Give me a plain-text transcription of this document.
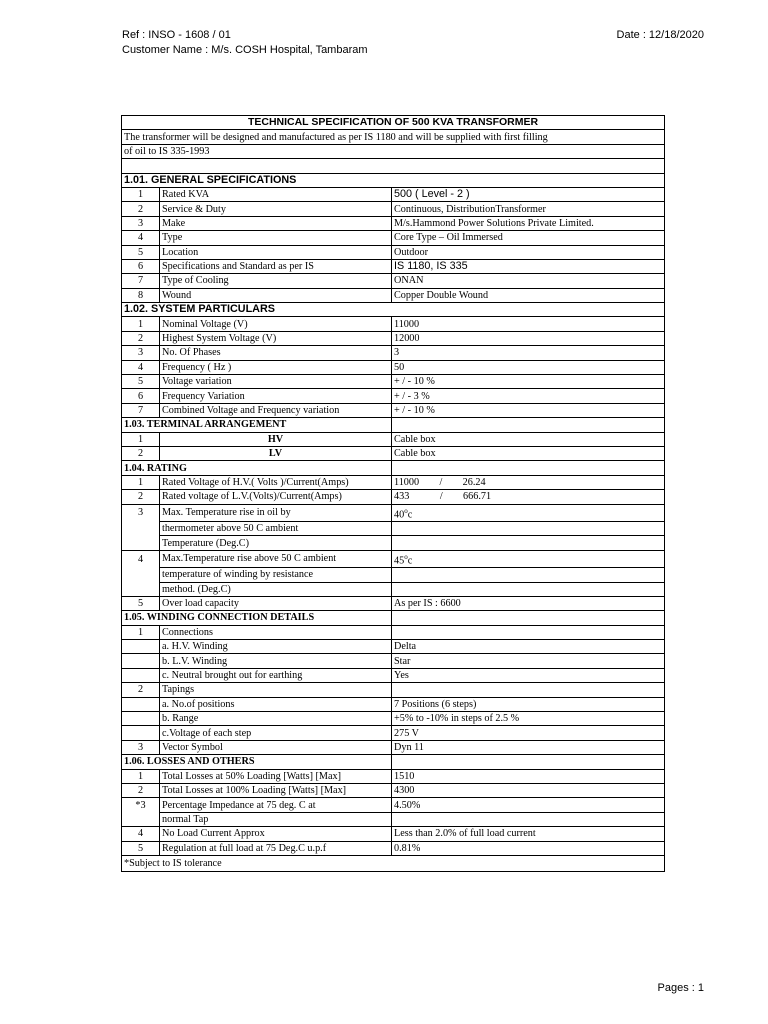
Ref : INSO - 1608 / 01
Customer Name : M/s. COSH Hospital, Tambaram
Date : 12/18/2020
TECHNICAL SPECIFICATION OF 500 KVA TRANSFORMER		
The transformer will be designed and manufactured as per IS 1180 and will be supplied with first filling		
of oil to IS 335-1993		

1.01. GENERAL SPECIFICATIONS		
1	Rated KVA	500 ( Level - 2 )
2	Service & Duty	Continuous, DistributionTransformer
3	Make	M/s.Hammond Power Solutions Private Limited.
4	Type	Core Type – Oil Immersed
5	Location	Outdoor
6	Specifications and Standard as per IS	IS 1180, IS 335
7	Type of Cooling	ONAN
8	Wound	Copper Double Wound
1.02. SYSTEM PARTICULARS		
1	Nominal Voltage (V)	11000
2	Highest System Voltage (V)	12000
3	No. Of Phases	3
4	Frequency ( Hz )	50
5	Voltage variation	+ / - 10 %
6	Frequency Variation	+ / - 3 %
7	Combined Voltage and Frequency variation	+ / - 10 %
1.03. TERMINAL ARRANGEMENT		
1	HV	Cable box
2	LV	Cable box
1.04. RATING		
1	Rated Voltage of H.V.( Volts )/Current(Amps)	11000        /        26.24
2	Rated voltage of L.V.(Volts)/Current(Amps)	433            /        666.71
3	Max. Temperature rise in oil by	40$^o$c
	thermometer above 50 C ambient	
	Temperature (Deg.C)	
4	Max.Temperature rise above 50 C ambient	45$^o$c
	temperature of winding by resistance	
	method. (Deg.C)	
5	Over load capacity	As per IS : 6600
1.05. WINDING CONNECTION DETAILS		
1	Connections	
	a. H.V. Winding	Delta
	b. L.V. Winding	Star
	c. Neutral brought out for earthing	Yes
2	Tapings	
	a. No.of positions	7 Positions (6 steps)
	b. Range	+5% to -10% in steps of 2.5 %
	c.Voltage of each step	275 V
3	Vector Symbol	Dyn 11
1.06. LOSSES AND OTHERS		
1	Total Losses at 50% Loading [Watts] [Max]	1510
2	Total Losses at 100% Loading [Watts] [Max]	4300
*3	Percentage Impedance at 75 deg. C at	4.50%
	normal Tap	
4	No Load Current Approx	Less than 2.0% of full load current
5	Regulation at full load at 75 Deg.C u.p.f	0.81%
*Subject to IS tolerance		
Pages : 1
